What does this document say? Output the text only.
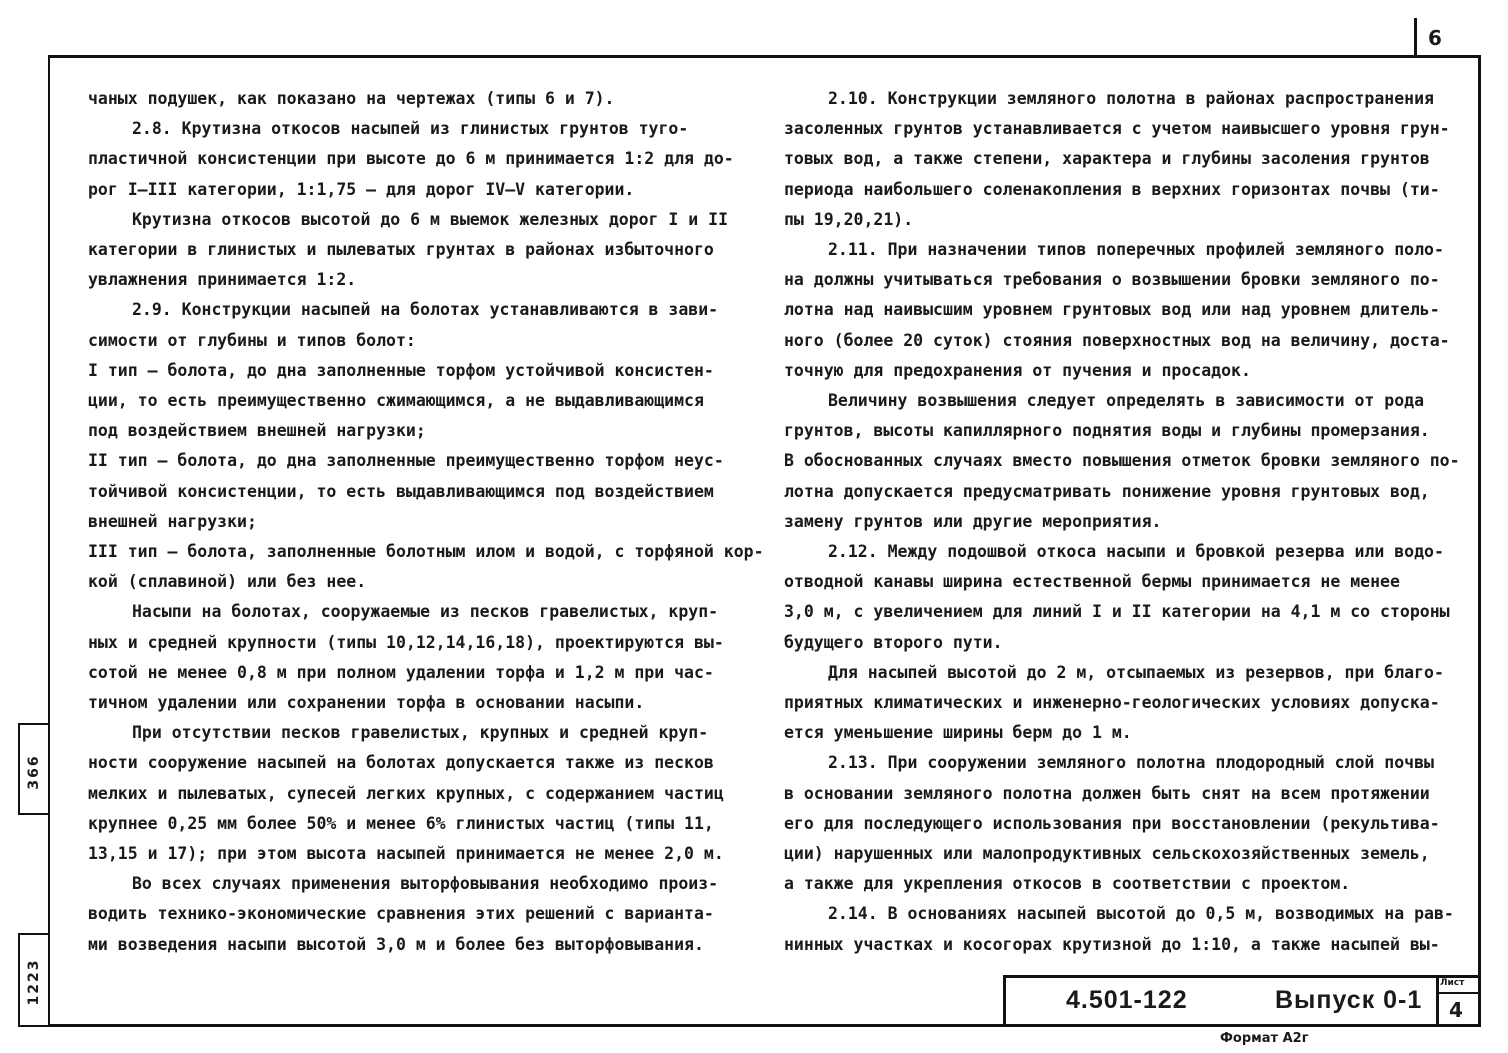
6

чаных подушек, как показано на чертежах (типы 6 и 7).

2.8. Крутизна откосов насыпей из глинистых грунтов туго-

пластичной консистенции при высоте до 6 м принимается 1:2 для до-

рог I–III категории, 1:1,75 – для дорог IV–V категории.

Крутизна откосов высотой до 6 м выемок железных дорог I и II

категории в глинистых и пылеватых грунтах в районах избыточного

увлажнения принимается 1:2.

2.9. Конструкции насыпей на болотах устанавливаются в зави-

симости от глубины и типов болот:

I тип – болота, до дна заполненные торфом устойчивой консистен-

ции, то есть преимущественно сжимающимся, а не выдавливающимся

под воздействием внешней нагрузки;

II тип – болота, до дна заполненные преимущественно торфом неус-

тойчивой консистенции, то есть выдавливающимся под воздействием

внешней нагрузки;

III тип – болота, заполненные болотным илом и водой, с торфяной кор-

кой (сплавиной) или без нее.

Насыпи на болотах, сооружаемые из песков гравелистых, круп-

ных и средней крупности (типы 10,12,14,16,18), проектируются вы-

сотой не менее 0,8 м при полном удалении торфа и 1,2 м при час-

тичном удалении или сохранении торфа в основании насыпи.

При отсутствии песков гравелистых, крупных и средней круп-

ности сооружение насыпей на болотах допускается также из песков

мелких и пылеватых, супесей легких крупных, с содержанием частиц

крупнее 0,25 мм более 50% и менее 6% глинистых частиц (типы 11,

13,15 и 17); при этом высота насыпей принимается не менее 2,0 м.

Во всех случаях применения выторфовывания необходимо произ-

водить технико-экономические сравнения этих решений с варианта-

ми возведения насыпи высотой 3,0 м и более без выторфовывания.

2.10. Конструкции земляного полотна в районах распространения

засоленных грунтов устанавливается с учетом наивысшего уровня грун-

товых вод, а также степени, характера и глубины засоления грунтов

периода наибольшего соленакопления в верхних горизонтах почвы (ти-

пы 19,20,21).

2.11. При назначении типов поперечных профилей земляного поло-

на должны учитываться требования о возвышении бровки земляного по-

лотна над наивысшим уровнем грунтовых вод или над уровнем длитель-

ного (более 20 суток) стояния поверхностных вод на величину, доста-

точную для предохранения от пучения и просадок.

Величину возвышения следует определять в зависимости от рода

грунтов, высоты капиллярного поднятия воды и глубины промерзания.

В обоснованных случаях вместо повышения отметок бровки земляного по-

лотна допускается предусматривать понижение уровня грунтовых вод,

замену грунтов или другие мероприятия.

2.12. Между подошвой откоса насыпи и бровкой резерва или водо-

отводной канавы ширина естественной бермы принимается не менее

3,0 м, с увеличением для линий I и II категории на 4,1 м со стороны

будущего второго пути.

Для насыпей высотой до 2 м, отсыпаемых из резервов, при благо-

приятных климатических и инженерно-геологических условиях допуска-

ется уменьшение ширины берм до 1 м.

2.13. При сооружении земляного полотна плодородный слой почвы

в основании земляного полотна должен быть снят на всем протяжении

его для последующего использования при восстановлении (рекультива-

ции) нарушенных или малопродуктивных сельскохозяйственных земель,

а также для укрепления откосов в соответствии с проектом.

2.14. В основаниях насыпей высотой до 0,5 м, возводимых на рав-

нинных участках и косогорах крутизной до 1:10, а также насыпей вы-

366
1223	4.501-122	Выпуск 0-1
Лист
4
Формат А2г
